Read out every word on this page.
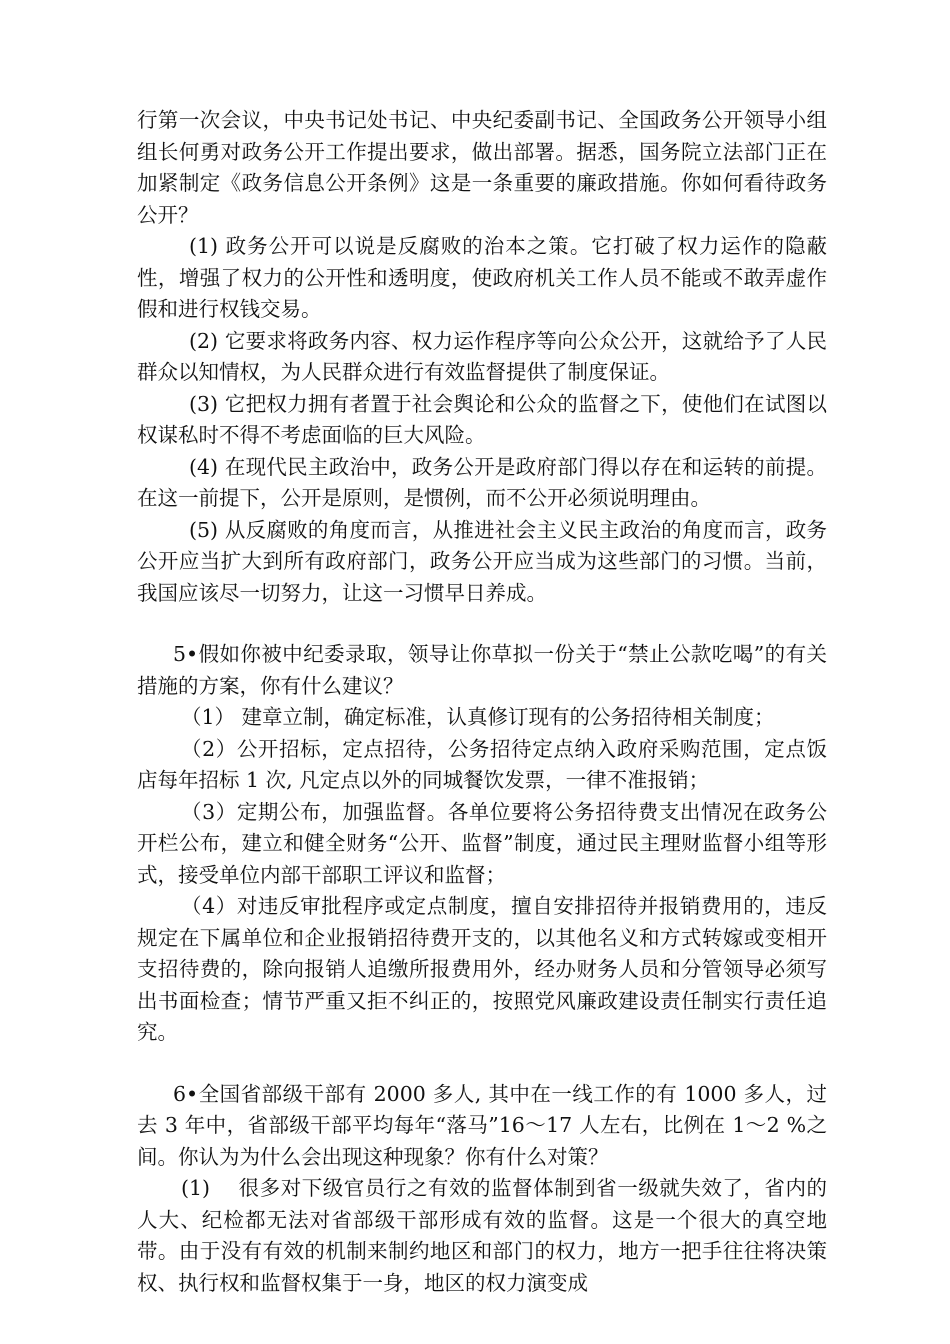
行第一次会议，中央书记处书记、中央纪委副书记、全国政务公开领导小组组长何勇对政务公开工作提出要求，做出部署。据悉，国务院立法部门正在加紧制定《政务信息公开条例》这是一条重要的廉政措施。你如何看待政务公开？

(1) 政务公开可以说是反腐败的治本之策。它打破了权力运作的隐蔽性，增强了权力的公开性和透明度，使政府机关工作人员不能或不敢弄虚作假和进行权钱交易。

(2) 它要求将政务内容、权力运作程序等向公众公开，这就给予了人民群众以知情权，为人民群众进行有效监督提供了制度保证。

(3) 它把权力拥有者置于社会舆论和公众的监督之下，使他们在试图以权谋私时不得不考虑面临的巨大风险。

(4) 在现代民主政治中，政务公开是政府部门得以存在和运转的前提。在这一前提下，公开是原则，是惯例，而不公开必须说明理由。

(5) 从反腐败的角度而言，从推进社会主义民主政治的角度而言，政务公开应当扩大到所有政府部门，政务公开应当成为这些部门的习惯。当前，我国应该尽一切努力，让这一习惯早日养成。

5•假如你被中纪委录取，领导让你草拟一份关于“禁止公款吃喝”的有关措施的方案，你有什么建议？

（1） 建章立制，确定标准，认真修订现有的公务招待相关制度；

（2）公开招标，定点招待，公务招待定点纳入政府采购范围，定点饭店每年招标 1 次, 凡定点以外的同城餐饮发票，一律不准报销；

（3）定期公布，加强监督。各单位要将公务招待费支出情况在政务公开栏公布，建立和健全财务“公开、监督”制度，通过民主理财监督小组等形式，接受单位内部干部职工评议和监督；

（4）对违反审批程序或定点制度，擅自安排招待并报销费用的，违反规定在下属单位和企业报销招待费开支的，以其他名义和方式转嫁或变相开支招待费的，除向报销人追缴所报费用外，经办财务人员和分管领导必须写出书面检查；情节严重又拒不纠正的，按照党风廉政建设责任制实行责任追究。

6•全国省部级干部有 2000 多人, 其中在一线工作的有 1000 多人，过去 3 年中，省部级干部平均每年“落马”16〜17 人左右，比例在 1〜2 %之间。你认为为什么会出现这种现象？你有什么对策？

(1)　 很多对下级官员行之有效的监督体制到省一级就失效了，省内的人大、纪检都无法对省部级干部形成有效的监督。这是一个很大的真空地带。由于没有有效的机制来制约地区和部门的权力，地方一把手往往将决策权、执行权和监督权集于一身，地区的权力演变成
